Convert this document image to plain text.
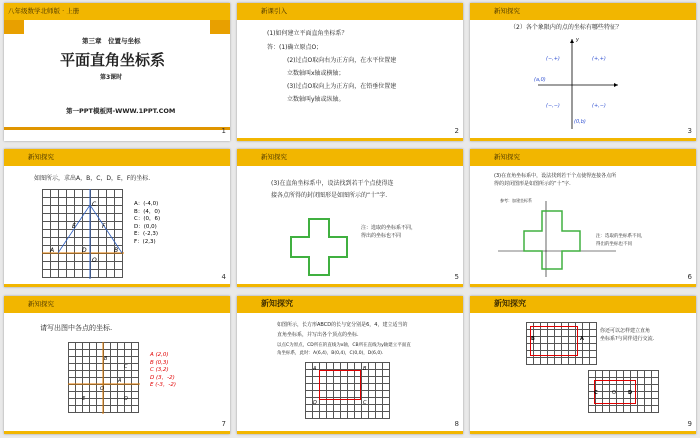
八年级数学北师版 · 上册
第三章　位置与坐标
平面直角坐标系
第3课时
第一PPT模板网-WWW.1PPT.COM
1
新课引入
(1)如何建立平面直角坐标系？
答：(1)确立原点O；
(2)过点O取向右为正方向，在水平位置建
立数轴叫x轴或横轴；
(3)过点O取向上为正方向，在铅垂位置建
立数轴叫y轴或纵轴。
2
新知探究
（2）各个象限内的点的坐标有哪些特征？
(−,+)	(+,+)
(−,−)	(+,−)
(a,0)
(0,b)
y
3
新知探究
如图所示，求出A，B，C，D，E，F的坐标.
A	B
C
D
E	F
O
A：(-4,0)
B：(4，0)
C：(0，6)
D：(0,0)
E：(-2,3)
F：(2,3)
4
新知探究
(3)在直角坐标系中，设法找到若干个点使得连
接各点所得的封闭图形是如图所示的“十”字.
注：选取的坐标系不同，
得出的坐标也不同
5
新知探究
(3)在直角坐标系中，设法找到若干个点使得连接各点所
得的封闭图形是如图所示的“十”字.
参考：加建坐标系
注：选取的坐标系不同，
得出的坐标也不同
6
新知探究
请写出图中各点的坐标.
A
B
C
D
E
O
A (2,0)
B (0,3)
C (3,2)
D (3，-2)
E (-3，-2)
7
新知探究
如图所示，长方形ABCD的长与宽分别是6，4，建立适当的
直角坐标系，并写出各个顶点的坐标.
以点C为原点，CD所在的直线为x轴，CB所在直线为y轴建立平面直
角坐标系，此时：A(6,4)，B(0,4)，C(0,0)，D(6,0).
A	B
C
D
8
新知探究
B	A
你还可以怎样建立直角
坐标系?与同伴进行交流.
C	D
O
9
